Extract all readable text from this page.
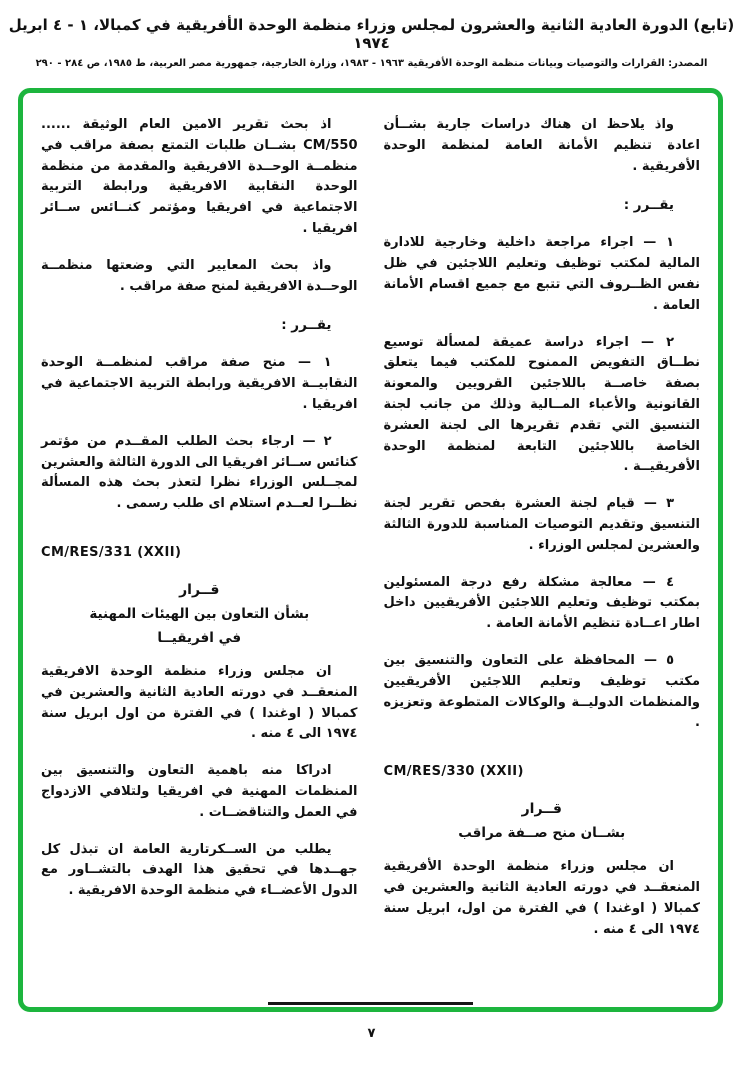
(تابع) الدورة العادية الثانية والعشرون لمجلس وزراء منظمة الوحدة الأفريقية في كمبالا، ١ - ٤ ابريل ١٩٧٤
المصدر: القرارات والتوصيات وبيانات منظمة الوحدة الأفريقية ١٩٦٣ - ١٩٨٣، وزارة الخارجية، جمهورية مصر العربية، ط ١٩٨٥، ص ٢٨٤ - ٢٩٠

واذ يلاحظ ان هناك دراسات جارية بشــأن اعادة تنظيم الأمانة العامة لمنظمة الوحدة الأفريقية .

يقــرر :

١ — اجراء مراجعة داخلية وخارجية للادارة المالية لمكتب توظيف وتعليم اللاجئين في ظل نفس الظــروف التي تتبع مع جميع اقسام الأمانة العامة .

٢ — اجراء دراسة عميقة لمسألة توسيع نطــاق التفويض الممنوح للمكتب فيما يتعلق بصفة خاصــة باللاجئين القرويين والمعونة القانونية والأعباء المــالية وذلك من جانب لجنة التنسيق التي تقدم تقريرها الى لجنة العشرة الخاصة باللاجئين التابعة لمنظمة الوحدة الأفريقيــة .

٣ — قيام لجنة العشرة بفحص تقرير لجنة التنسيق وتقديم التوصيات المناسبة للدورة الثالثة والعشرين لمجلس الوزراء .

٤ — معالجة مشكلة رفع درجة المسئولين بمكتب توظيف وتعليم اللاجئين الأفريقيين داخل اطار اعــادة تنظيم الأمانة العامة .

٥ — المحافظة على التعاون والتنسيق بين مكتب توظيف وتعليم اللاجئين الأفريقيين والمنظمات الدوليــة والوكالات المتطوعة وتعزيزه .

CM/RES/330 (XXII)
قــرار
بشــان منح صــفة مراقب

ان مجلس وزراء منظمة الوحدة الأفريقية المنعقــد في دورته العادية الثانية والعشرين في كمبالا ( اوغندا ) في الفترة من اول، ابريل سنة ١٩٧٤ الى ٤ منه .

اذ بحث تقرير الامين العام الوثيقة ...... CM/550 بشــان طلبات التمتع بصفة مراقب في منظمــة الوحــدة الافريقية والمقدمة من منظمة الوحدة النقابية الافريقية ورابطة التربية الاجتماعية في افريقيا ومؤتمر كنــائس ســائر افريقيا .

واذ بحث المعايير التي وضعتها منظمــة الوحــدة الافريقية لمنح صفة مراقب .

يقــرر :

١ — منح صفة مراقب لمنظمــة الوحدة النقابيــة الافريقية ورابطة التربية الاجتماعية في افريقيا .

٢ — ارجاء بحث الطلب المقــدم من مؤتمر كنائس ســائر افريقيا الى الدورة الثالثة والعشرين لمجــلس الوزراء نظرا لتعذر بحث هذه المسألة نظــرا لعــدم استلام اى طلب رسمى .

CM/RES/331 (XXII)
قــرار
بشأن التعاون بين الهيئات المهنية
في افريقيــا

ان مجلس وزراء منظمة الوحدة الافريقية المنعقــد في دورته العادية الثانية والعشرين في كمبالا ( اوغندا ) في الفترة من اول ابريل سنة ١٩٧٤ الى ٤ منه .

ادراكا منه باهمية التعاون والتنسيق بين المنظمات المهنية في افريقيا ولتلافي الازدواج في العمل والتناقضــات .

يطلب من الســكرتارية العامة ان تبذل كل جهــدها في تحقيق هذا الهدف بالتشــاور مع الدول الأعضــاء في منظمة الوحدة الافريقية .

٧
